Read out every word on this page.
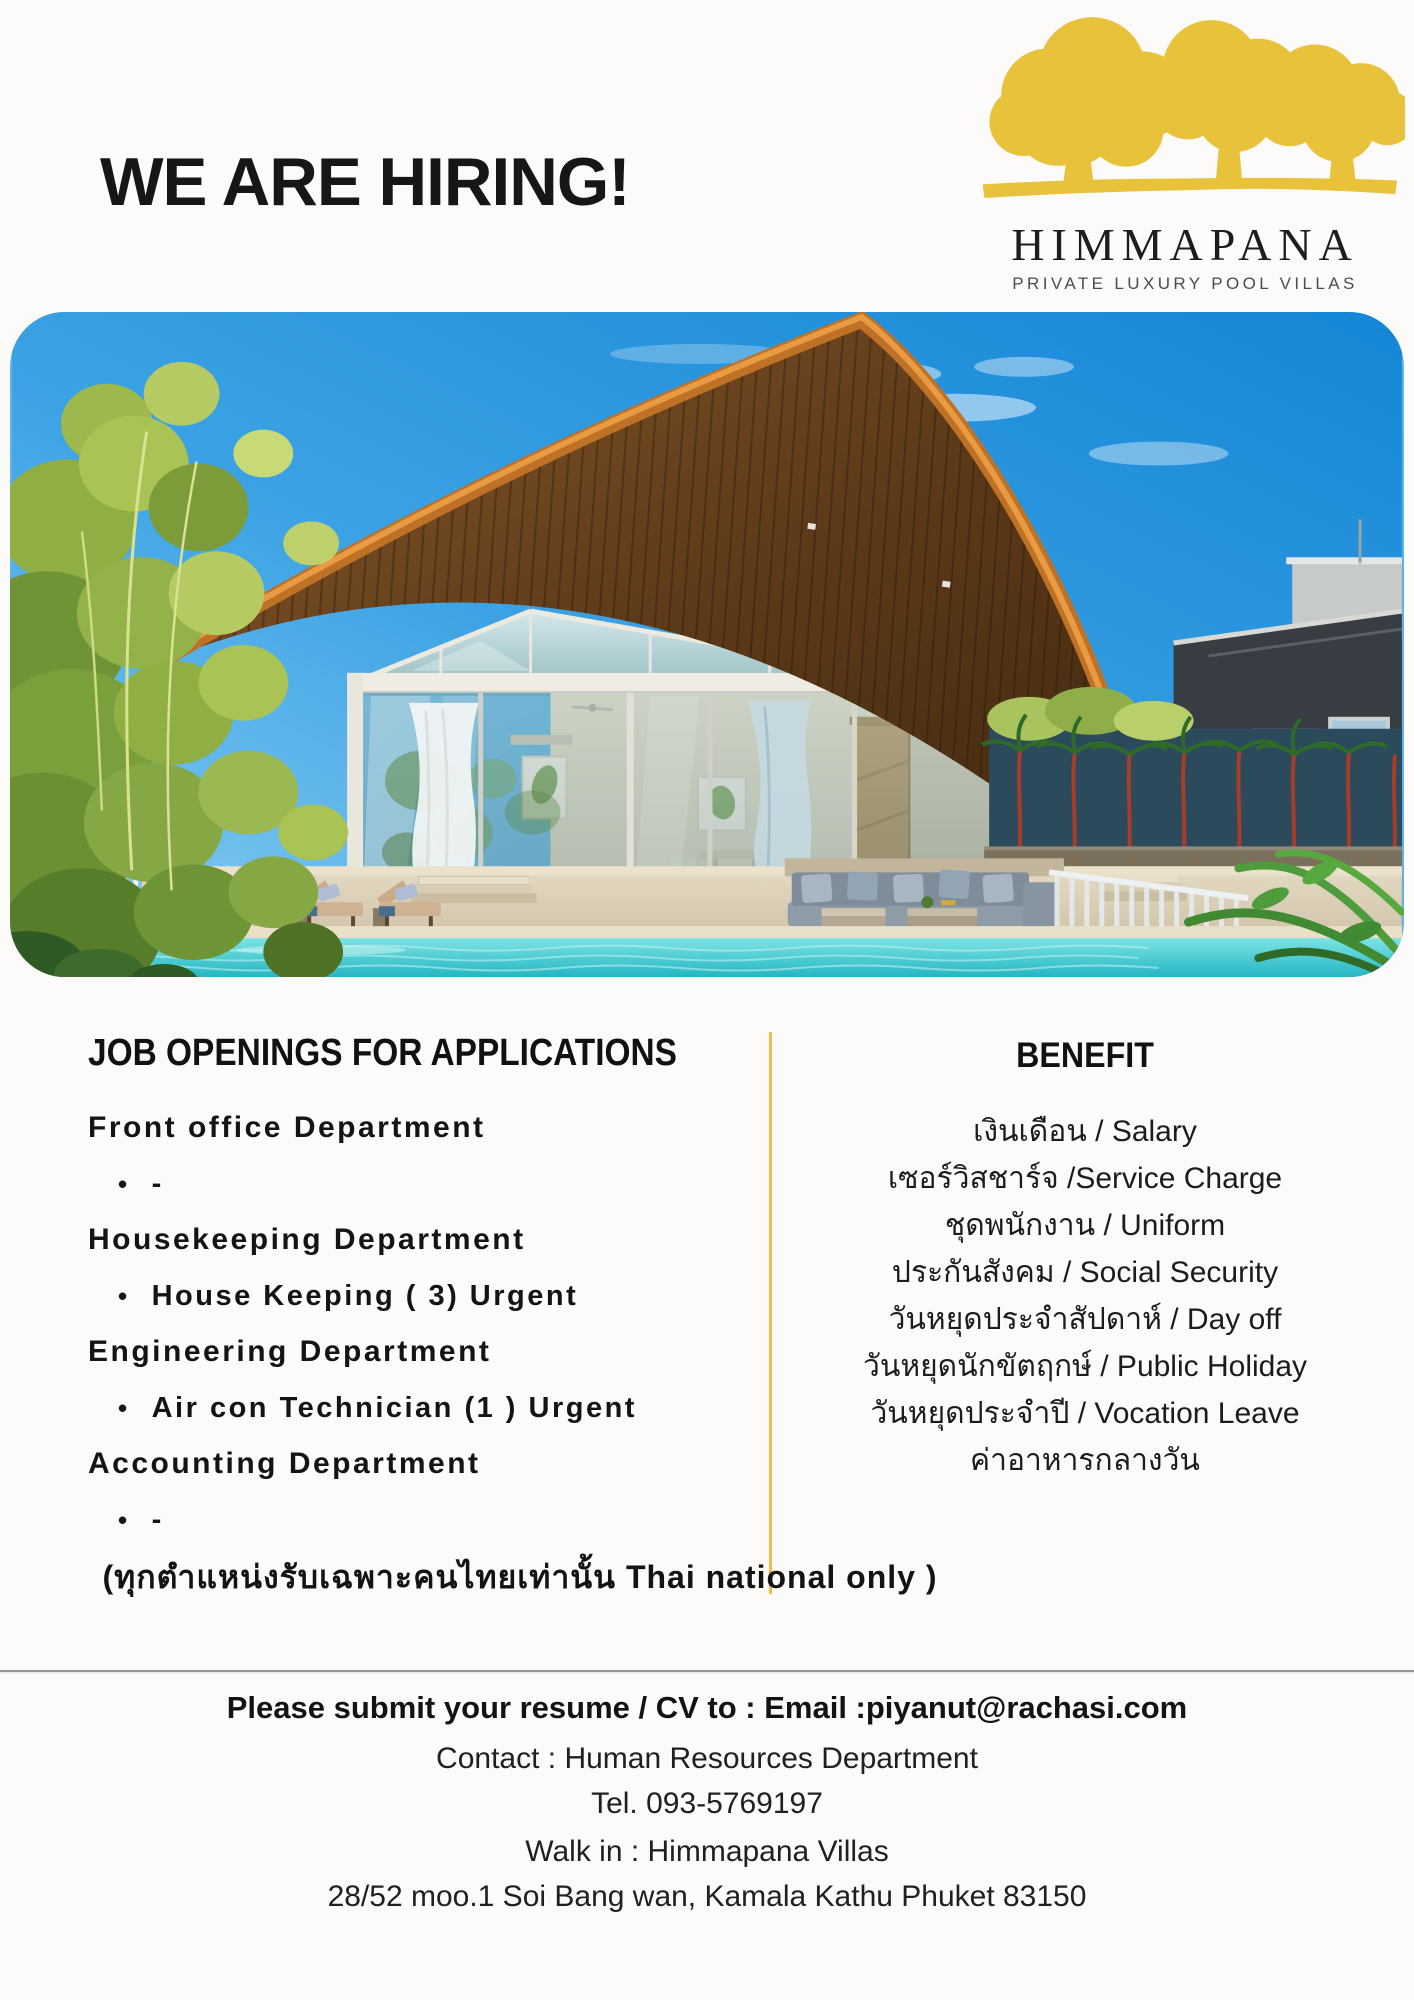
WE ARE HIRING!
HIMMAPANA
PRIVATE LUXURY POOL VILLAS
JOB OPENINGS FOR APPLICATIONS
Front office Department
• -
Housekeeping Department
• House Keeping ( 3) Urgent
Engineering Department
• Air con Technician (1 ) Urgent
Accounting Department
• -
(ทุกตำแหน่งรับเฉพาะคนไทยเท่านั้น Thai national only )
BENEFIT
เงินเดือน / Salary
เซอร์วิสชาร์จ /Service Charge
ชุดพนักงาน / Uniform
ประกันสังคม / Social Security
วันหยุดประจำสัปดาห์ / Day off
วันหยุดนักขัตฤกษ์ / Public Holiday
วันหยุดประจำปี / Vocation Leave
ค่าอาหารกลางวัน
Please submit your resume / CV to : Email :piyanut@rachasi.com
Contact : Human Resources Department
Tel. 093-5769197
Walk in : Himmapana Villas
28/52 moo.1 Soi Bang wan, Kamala Kathu Phuket 83150
